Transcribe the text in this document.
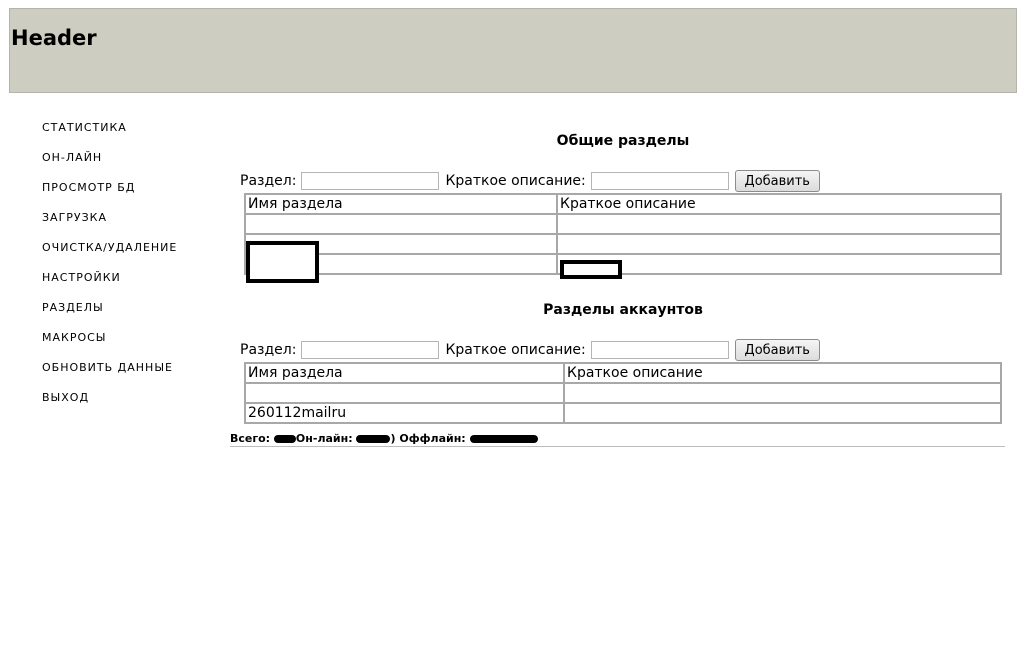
Header
СТАТИСТИКА
ОН-ЛАЙН
ПРОСМОТР БД
ЗАГРУЗКА
ОЧИСТКА/УДАЛЕНИЕ
НАСТРОЙКИ
РАЗДЕЛЫ
МАКРОСЫ
ОБНОВИТЬ ДАННЫЕ
ВЫХОД
Общие разделы
Раздел:	Краткое описание:	Добавить
Имя раздела	Краткое описание

Разделы аккаунтов
Раздел:	Краткое описание:	Добавить
Имя раздела	Краткое описание

260112mailru	
Всего: Он-лайн:	) Оффлайн:
